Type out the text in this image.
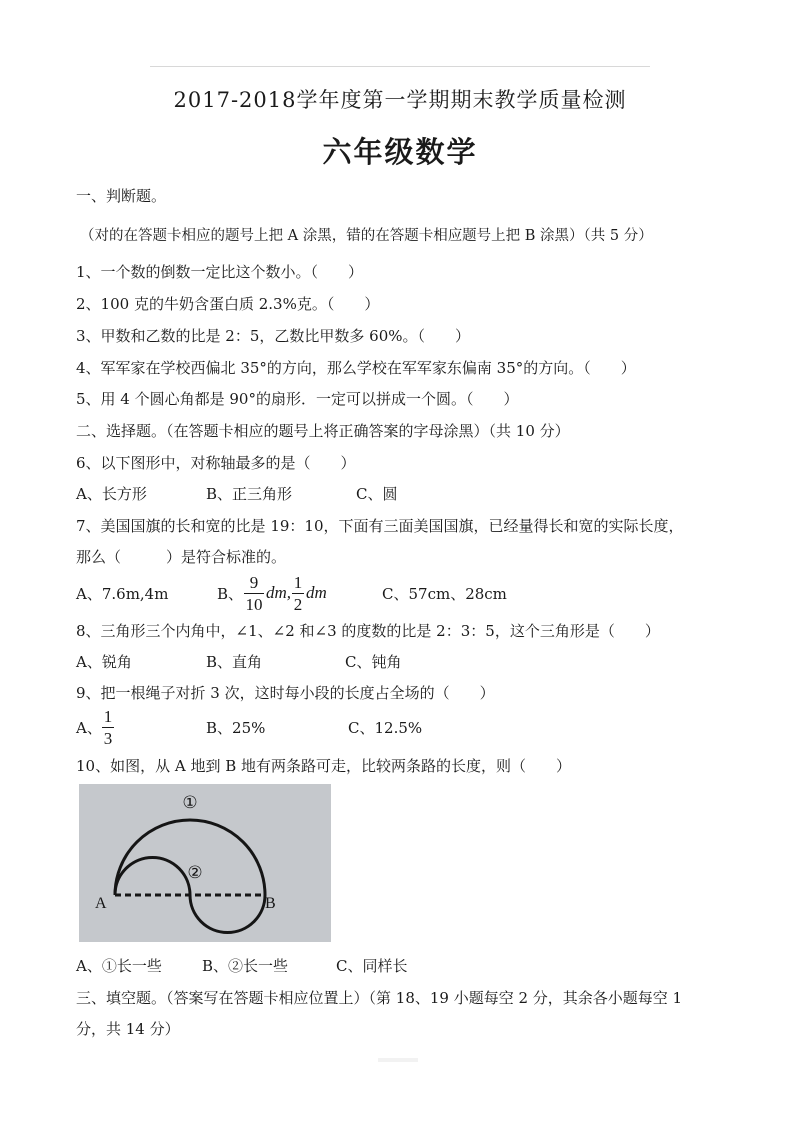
2017-2018学年度第一学期期末教学质量检测
六年级数学
一、判断题。
（对的在答题卡相应的题号上把 A 涂黑，错的在答题卡相应题号上把 B 涂黑）（共 5 分）
1、一个数的倒数一定比这个数小。（　　）
2、100 克的牛奶含蛋白质 2.3%克。（　　）
3、甲数和乙数的比是 2：5，乙数比甲数多 60%。（　　）
4、军军家在学校西偏北 35°的方向，那么学校在军军家东偏南 35°的方向。（　　）
5、用 4 个圆心角都是 90°的扇形．一定可以拼成一个圆。（　　）
二、选择题。（在答题卡相应的题号上将正确答案的字母涂黑）（共 10 分）
6、以下图形中，对称轴最多的是（　　）
A、长方形	B、正三角形	C、圆
7、美国国旗的长和宽的比是 19：10，下面有三面美国国旗，已经量得长和宽的实际长度，
那么（　　　）是符合标准的。
A、7.6m,4m	B、
9
10
dm,
1
2
dm	C、57cm、28cm
8、三角形三个内角中，∠1、∠2 和∠3 的度数的比是 2：3：5，这个三角形是（　　）
A、锐角	B、直角	C、钝角
9、把一根绳子对折 3 次，这时每小段的长度占全场的（　　）
A、
1
3
B、25%	C、12.5%
10、如图，从 A 地到 B 地有两条路可走，比较两条路的长度，则（　　）
①
②
A	B
A、①长一些	B、②长一些	C、同样长
三、填空题。（答案写在答题卡相应位置上）（第 18、19 小题每空 2 分，其余各小题每空 1
分，共 14 分）
